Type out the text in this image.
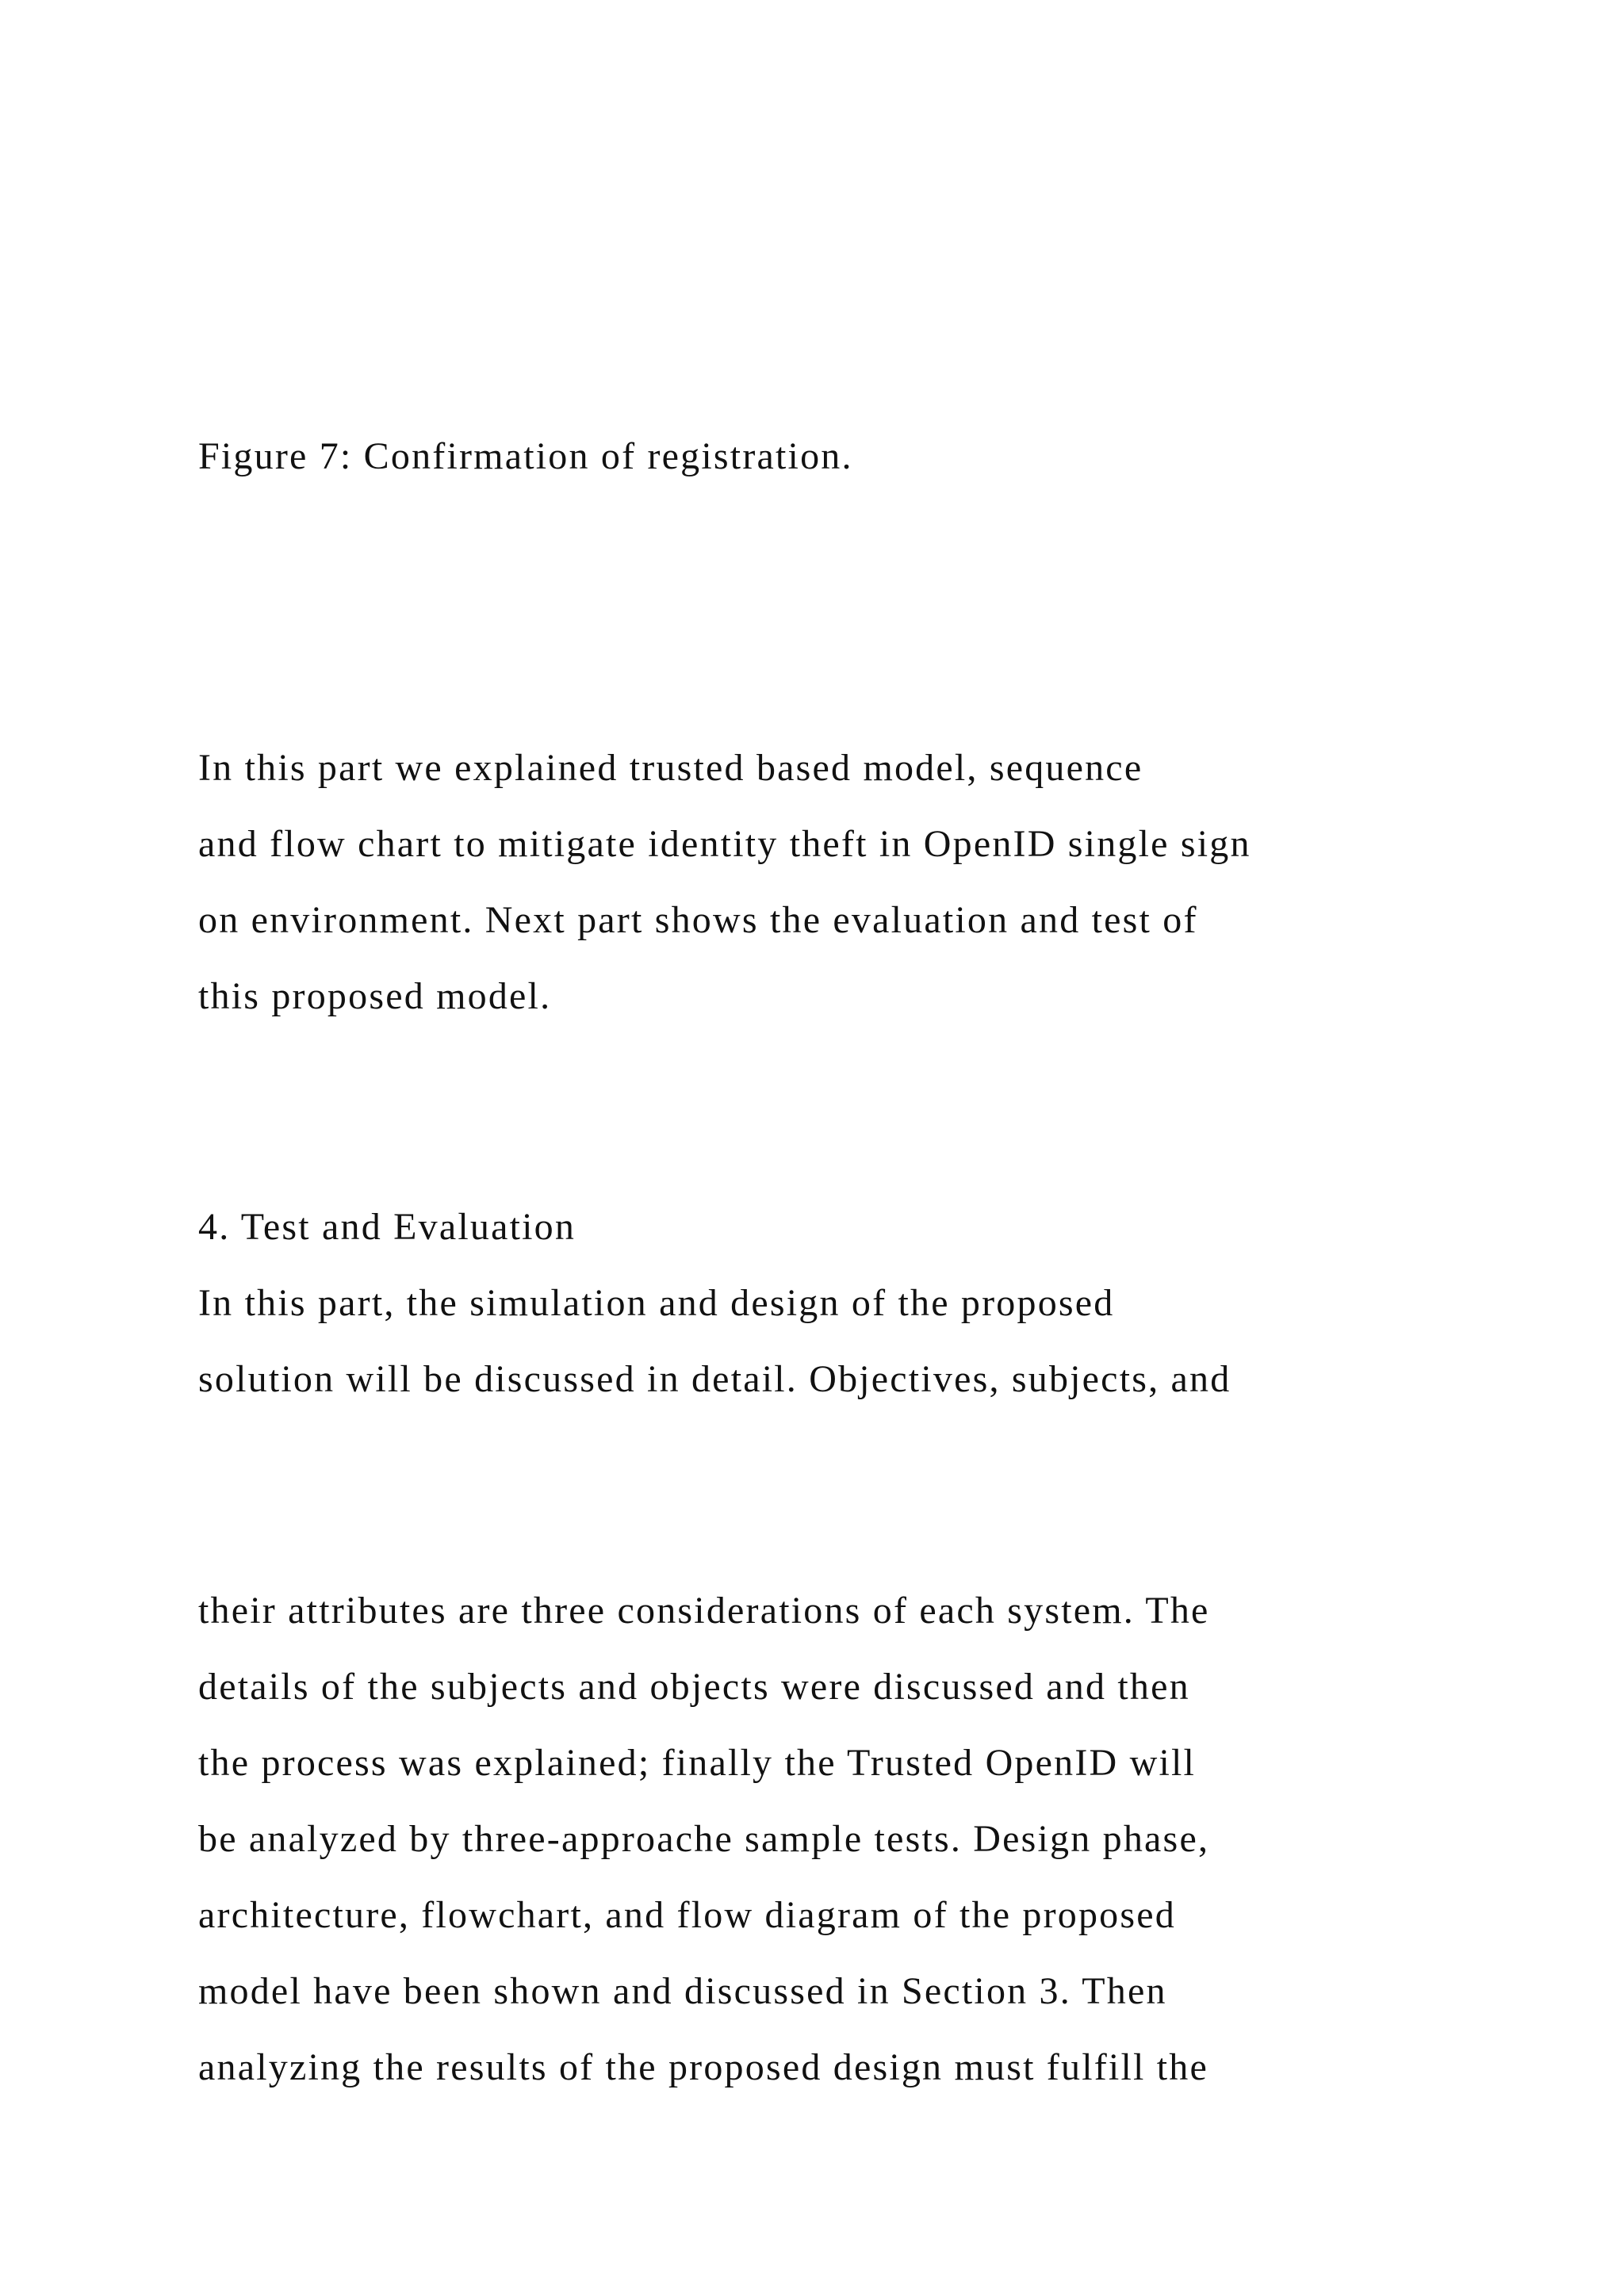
Figure 7: Confirmation of registration.

In this part we explained trusted based model, sequence

and flow chart to mitigate identity theft in OpenID single sign

on environment. Next part shows the evaluation and test of

this proposed model.

4. Test and Evaluation

In this part, the simulation and design of the proposed

solution will be discussed in detail. Objectives, subjects, and

their attributes are three considerations of each system. The

details of the subjects and objects were discussed and then

the process was explained; finally the Trusted OpenID will

be analyzed by three-approache sample tests. Design phase,

architecture, flowchart, and flow diagram of the proposed

model have been shown and discussed in Section 3. Then

analyzing the results of the proposed design must fulfill the
